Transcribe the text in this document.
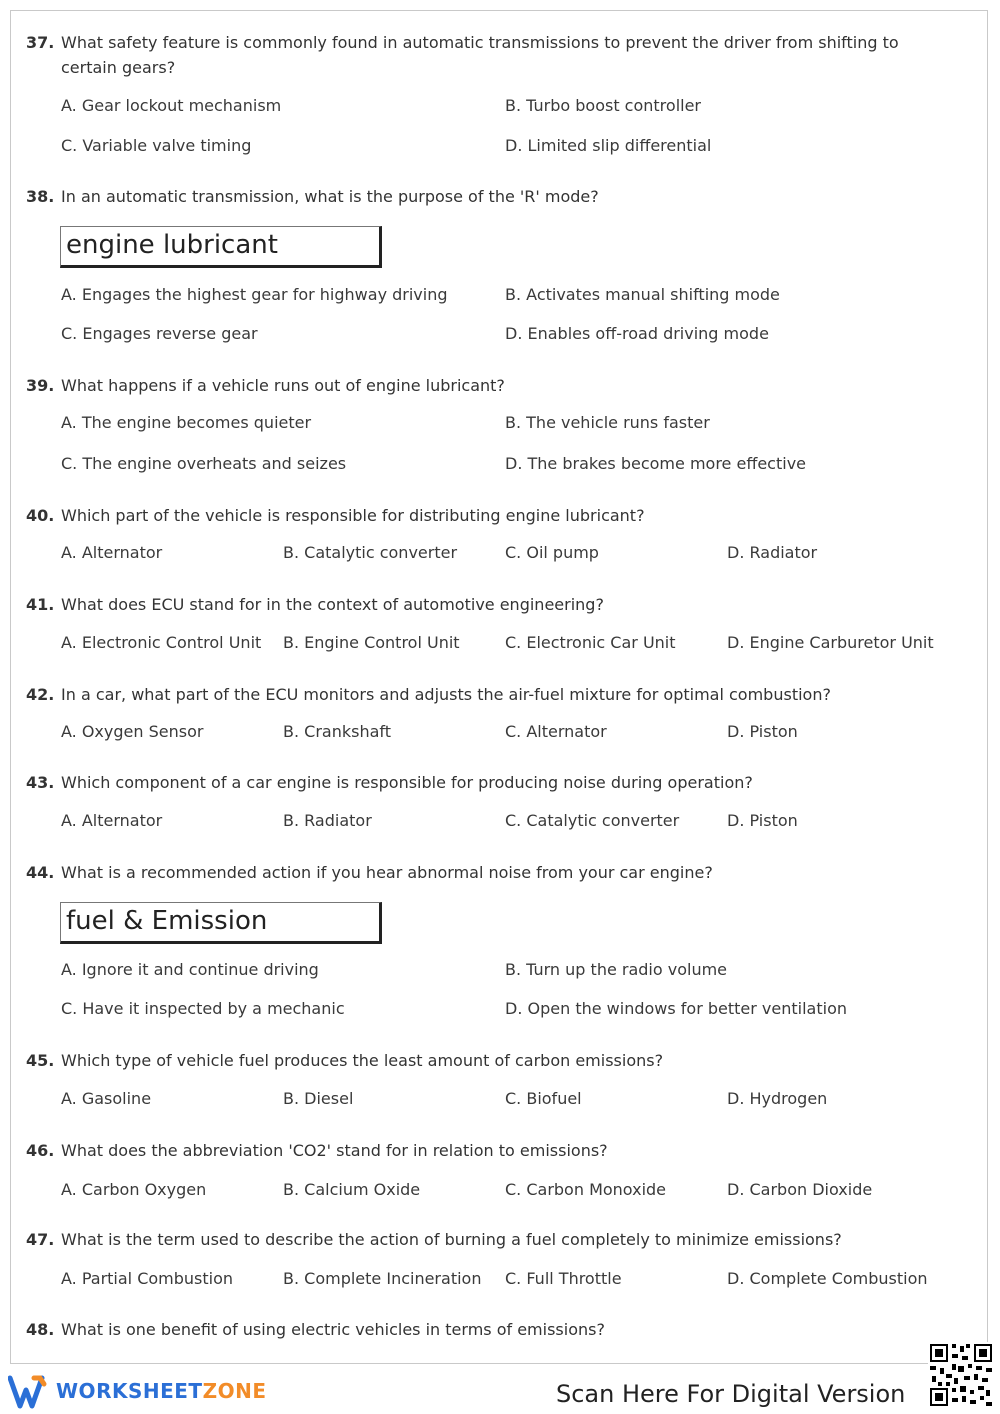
37. What safety feature is commonly found in automatic transmissions to prevent the driver from shifting to certain gears?
A. Gear lockout mechanism	B. Turbo boost controller
C. Variable valve timing	D. Limited slip differential
38. In an automatic transmission, what is the purpose of the 'R' mode?
engine lubricant
A. Engages the highest gear for highway driving	B. Activates manual shifting mode
C. Engages reverse gear	D. Enables off-road driving mode
39. What happens if a vehicle runs out of engine lubricant?
A. The engine becomes quieter	B. The vehicle runs faster
C. The engine overheats and seizes	D. The brakes become more effective
40. Which part of the vehicle is responsible for distributing engine lubricant?
A. Alternator	B. Catalytic converter	C. Oil pump	D. Radiator
41. What does ECU stand for in the context of automotive engineering?
A. Electronic Control Unit B. Engine Control Unit	C. Electronic Car Unit	D. Engine Carburetor Unit
42. In a car, what part of the ECU monitors and adjusts the air-fuel mixture for optimal combustion?
A. Oxygen Sensor	B. Crankshaft	C. Alternator	D. Piston
43. Which component of a car engine is responsible for producing noise during operation?
A. Alternator	B. Radiator	C. Catalytic converter	D. Piston
44. What is a recommended action if you hear abnormal noise from your car engine?
fuel & Emission
A. Ignore it and continue driving	B. Turn up the radio volume
C. Have it inspected by a mechanic	D. Open the windows for better ventilation
45. Which type of vehicle fuel produces the least amount of carbon emissions?
A. Gasoline	B. Diesel	C. Biofuel	D. Hydrogen
46. What does the abbreviation 'CO2' stand for in relation to emissions?
A. Carbon Oxygen	B. Calcium Oxide	C. Carbon Monoxide	D. Carbon Dioxide
47. What is the term used to describe the action of burning a fuel completely to minimize emissions?
A. Partial Combustion	B. Complete Incineration C. Full Throttle	D. Complete Combustion
48. What is one benefit of using electric vehicles in terms of emissions?
WORKSHEETZONE	Scan Here For Digital Version
